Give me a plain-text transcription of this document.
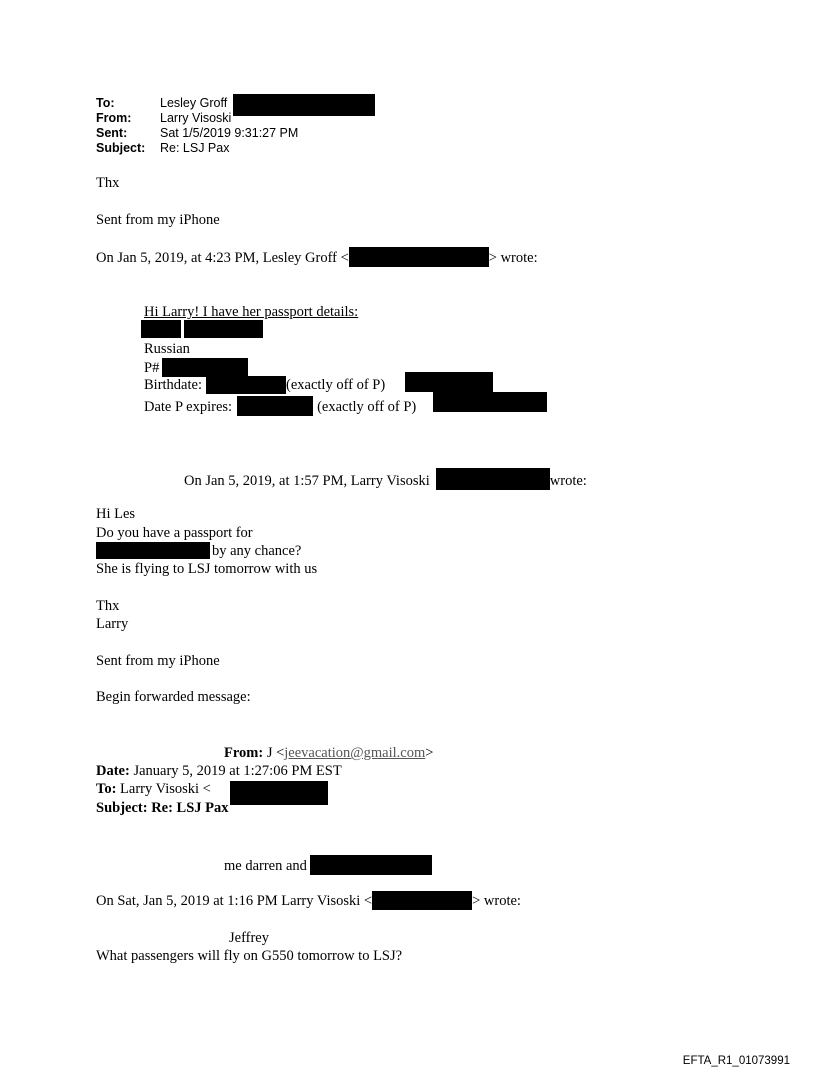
To:	Lesley Groff
From:	Larry Visoski
Sent:	Sat 1/5/2019 9:31:27 PM
Subject:	Re: LSJ Pax
Thx
Sent from my iPhone
On Jan 5, 2019, at 4:23 PM, Lesley Groff <	> wrote:
Hi Larry! I have her passport details:
Russian
P#
Birthdate:	(exactly off of P)
Date P expires:	(exactly off of P)
On Jan 5, 2019, at 1:57 PM, Larry Visoski	wrote:
Hi Les
Do you have a passport for
by any chance?
She is flying to LSJ tomorrow with us
Thx
Larry
Sent from my iPhone
Begin forwarded message:
From: J <jeevacation@gmail.com>
Date: January 5, 2019 at 1:27:06 PM EST
To: Larry Visoski <
Subject: Re: LSJ Pax
me darren and
On Sat, Jan 5, 2019 at 1:16 PM Larry Visoski <	> wrote:
Jeffrey
What passengers will fly on G550 tomorrow to LSJ?
EFTA_R1_01073991
